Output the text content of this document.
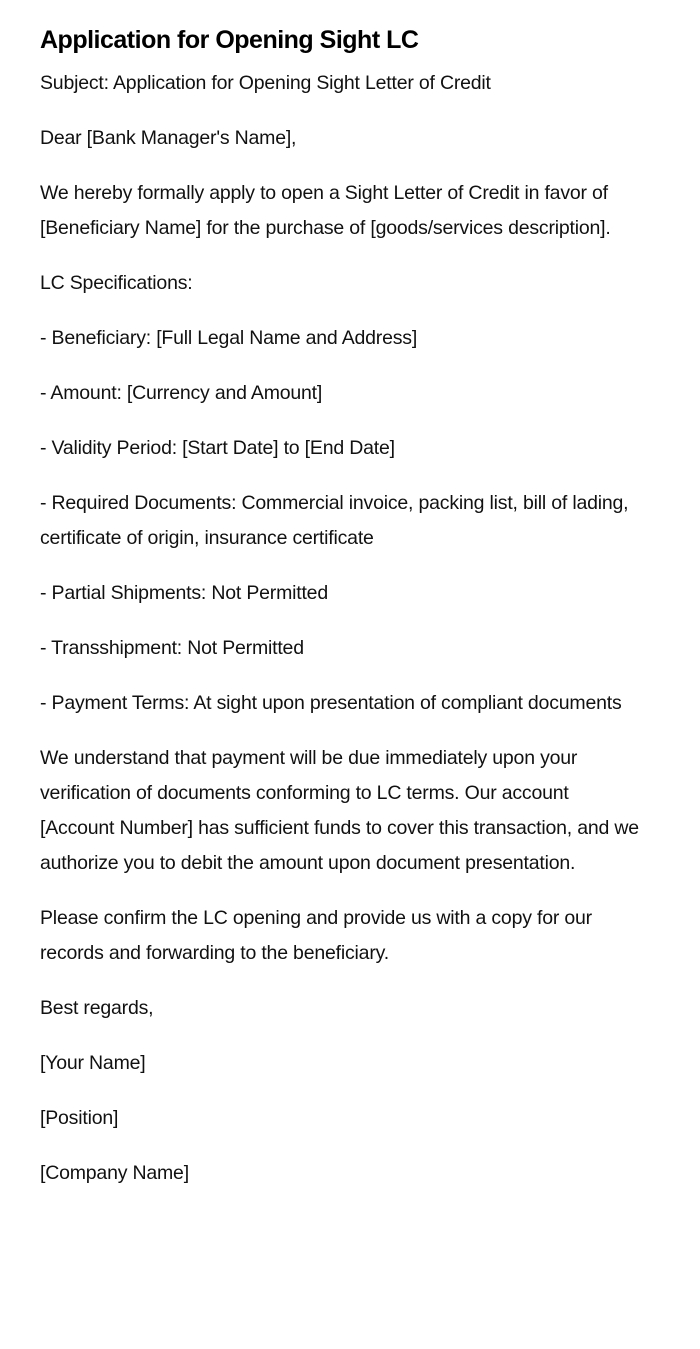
Application for Opening Sight LC

Subject: Application for Opening Sight Letter of Credit

Dear [Bank Manager's Name],

We hereby formally apply to open a Sight Letter of Credit in favor of [Beneficiary Name] for the purchase of [goods/services description].

LC Specifications:

- Beneficiary: [Full Legal Name and Address]

- Amount: [Currency and Amount]

- Validity Period: [Start Date] to [End Date]

- Required Documents: Commercial invoice, packing list, bill of lading, certificate of origin, insurance certificate

- Partial Shipments: Not Permitted

- Transshipment: Not Permitted

- Payment Terms: At sight upon presentation of compliant documents

We understand that payment will be due immediately upon your verification of documents conforming to LC terms. Our account [Account Number] has sufficient funds to cover this transaction, and we authorize you to debit the amount upon document presentation.

Please confirm the LC opening and provide us with a copy for our records and forwarding to the beneficiary.

Best regards,

[Your Name]

[Position]

[Company Name]
